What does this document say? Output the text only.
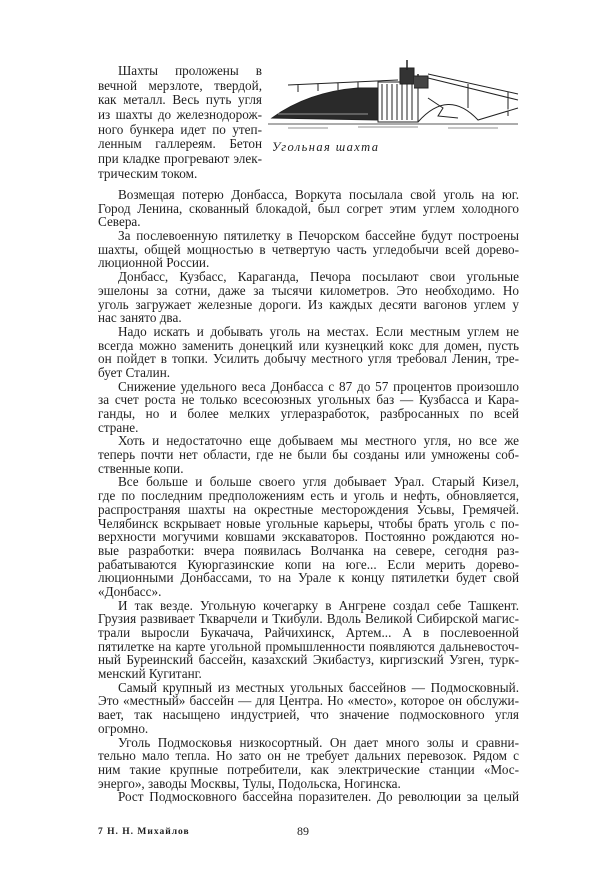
Шахты проложены в
вечной мерзлоте, твердой,
как металл. Весь путь угля
из шахты до железнодорож-
ного бункера идет по утеп-
ленным галлереям. Бетон
при кладке прогревают элек-
трическим током.
Угольная шахта
Возмещая потерю Донбасса, Воркута посылала свой уголь на юг.
Город Ленина, скованный блокадой, был согрет этим углем холодного
Севера.
За послевоенную пятилетку в Печорском бассейне будут построены
шахты, общей мощностью в четвертую часть угледобычи всей дорево-
люционной России.
Донбасс, Кузбасс, Караганда, Печора посылают свои угольные
эшелоны за сотни, даже за тысячи километров. Это необходимо. Но
уголь загружает железные дороги. Из каждых десяти вагонов углем у
нас занято два.
Надо искать и добывать уголь на местах. Если местным углем не
всегда можно заменить донецкий или кузнецкий кокс для домен, пусть
он пойдет в топки. Усилить добычу местного угля требовал Ленин, тре-
бует Сталин.
Снижение удельного веса Донбасса с 87 до 57 процентов произошло
за счет роста не только всесоюзных угольных баз — Кузбасса и Кара-
ганды, но и более мелких углеразработок, разбросанных по всей
стране.
Хоть и недостаточно еще добываем мы местного угля, но все же
теперь почти нет области, где не были бы созданы или умножены соб-
ственные копи.
Все больше и больше своего угля добывает Урал. Старый Кизел,
где по последним предположениям есть и уголь и нефть, обновляется,
распространяя шахты на окрестные месторождения Усьвы, Гремячей.
Челябинск вскрывает новые угольные карьеры, чтобы брать уголь с по-
верхности могучими ковшами экскаваторов. Постоянно рождаются но-
вые разработки: вчера появилась Волчанка на севере, сегодня раз-
рабатываются Куюргазинские копи на юге... Если мерить дорево-
люционными Донбассами, то на Урале к концу пятилетки будет свой
«Донбасс».
И так везде. Угольную кочегарку в Ангрене создал себе Ташкент.
Грузия развивает Ткварчели и Ткибули. Вдоль Великой Сибирской магис-
трали выросли Букачача, Райчихинск, Артем... А в послевоенной
пятилетке на карте угольной промышленности появляются дальневосточ-
ный Буреинский бассейн, казахский Экибастуз, киргизский Узген, турк-
менский Кугитанг.
Самый крупный из местных угольных бассейнов — Подмосковный.
Это «местный» бассейн — для Центра. Но «место», которое он обслужи-
вает, так насыщено индустрией, что значение подмосковного угля
огромно.
Уголь Подмосковья низкосортный. Он дает много золы и сравни-
тельно мало тепла. Но зато он не требует дальних перевозок. Рядом с
ним такие крупные потребители, как электрические станции «Мос-
энерго», заводы Москвы, Тулы, Подольска, Ногинска.
Рост Подмосковного бассейна поразителен. До революции за целый
7 Н. Н. Михайлов	89
